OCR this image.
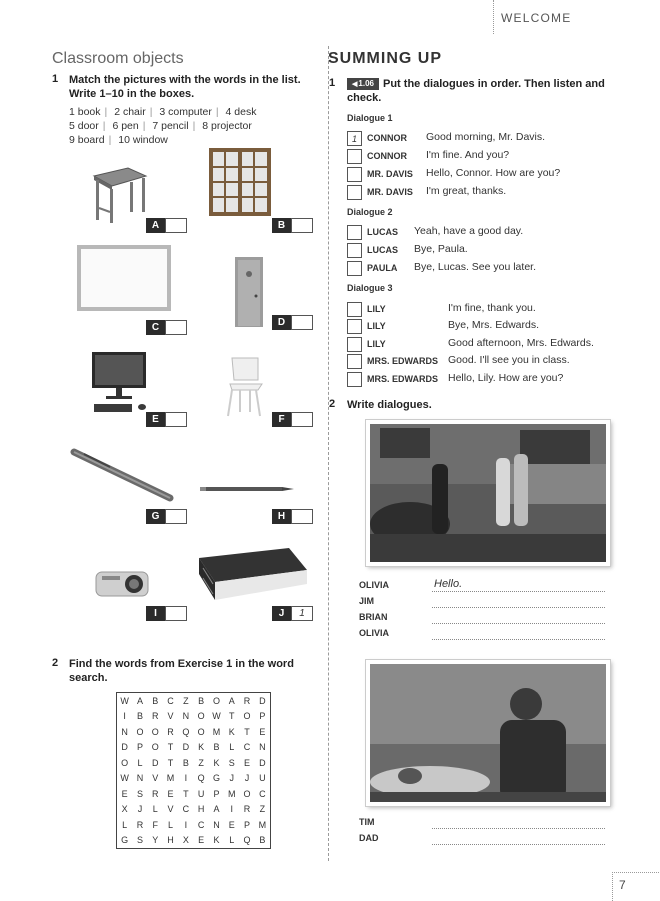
WELCOME
Classroom objects
1 Match the pictures with the words in the list.
Write 1–10 in the boxes.
1 book | 2 chair | 3 computer | 4 desk
5 door | 6 pen | 7 pencil | 8 projector
9 board | 10 window
A	B
C	D
E	F
G	H
I	J	1
2 Find the words from Exercise 1 in the word
search.
W A	B	C	Z	B O A	R D
I	B	R	V	N O W T	O P
N O O R Q O M K	T	E
D	P O	T	D	K	B	L	C N
O	L	D	T	B	Z	K	S	E	D
W N	V M	I	Q G	J	J	U
E	S	R	E	T	U	P M O C
X	J	L	V	C H	A	I	R	Z
L	R	F	L	I	C N	E	P M
G S	Y	H	X	E	K	L	Q B
SUMMING UP
1
◀	1.06 Put the dialogues in order. Then listen and
check.
Dialogue 1
1	CONNOR Good morning, Mr. Davis.
CONNOR I'm fine. And you?
MR. DAVIS Hello, Connor. How are you?
MR. DAVIS I'm great, thanks.
Dialogue 2
LUCAS Yeah, have a good day.
LUCAS Bye, Paula.
PAULA Bye, Lucas. See you later.
Dialogue 3
LILY	I'm fine, thank you.
LILY	Bye, Mrs. Edwards.
LILY	Good afternoon, Mrs. Edwards.
MRS. EDWARDS Good. I'll see you in class.
MRS. EDWARDS Hello, Lily. How are you?
2 Write dialogues.
OLIVIA	Hello.
JIM
BRIAN
OLIVIA
TIM
DAD
7
